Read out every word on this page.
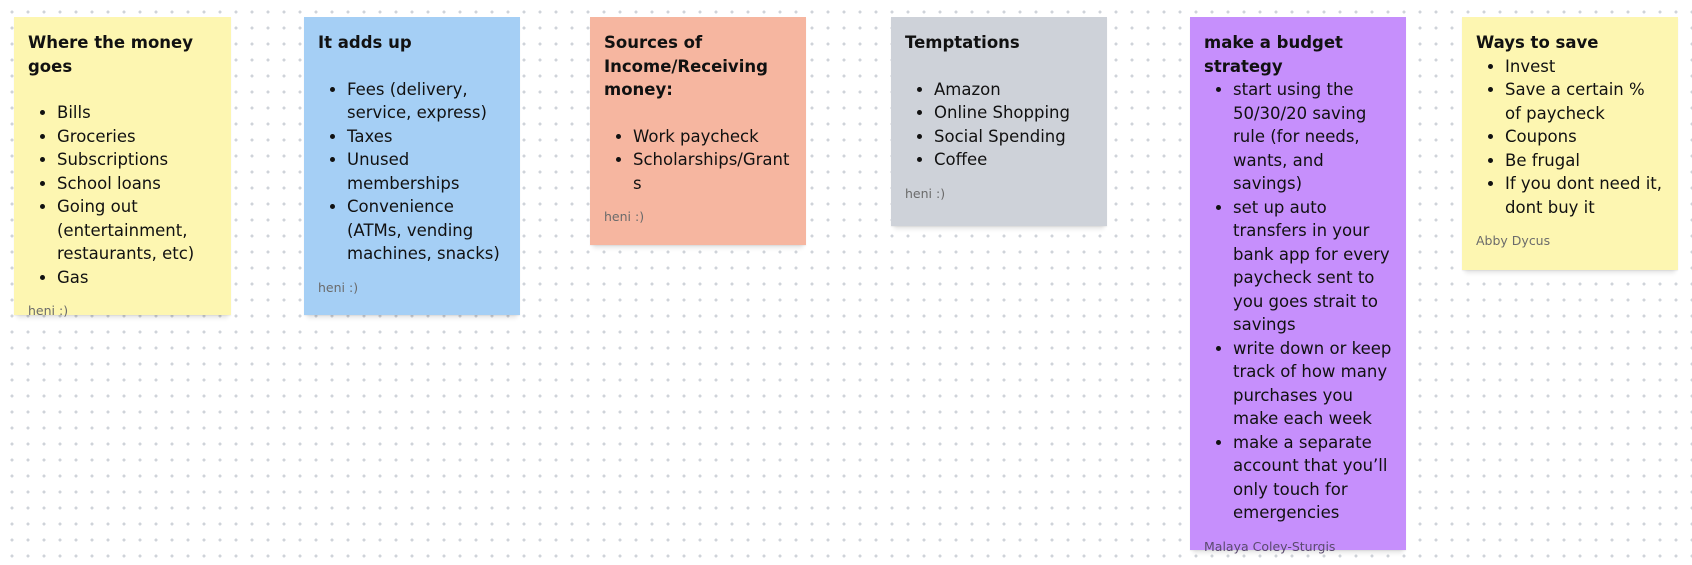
Where the money goes
• Bills
• Groceries
• Subscriptions
• School loans
• Going out (entertainment, restaurants, etc)
• Gas
heni :)
It adds up
• Fees (delivery, service, express)
• Taxes
• Unused memberships
• Convenience (ATMs, vending machines, snacks)
heni :)
Sources of Income/Receiving money:
• Work paycheck
• Scholarships/Grants
heni :)
Temptations
• Amazon
• Online Shopping
• Social Spending
• Coffee
heni :)
make a budget strategy
• start using the 50/30/20 saving rule (for needs, wants, and savings)
• set up auto transfers in your bank app for every paycheck sent to you goes strait to savings
• write down or keep track of how many purchases you make each week
• make a separate account that you’ll only touch for emergencies
Malaya Coley-Sturgis
Ways to save
• Invest
• Save a certain % of paycheck
• Coupons
• Be frugal
• If you dont need it, dont buy it
Abby Dycus
